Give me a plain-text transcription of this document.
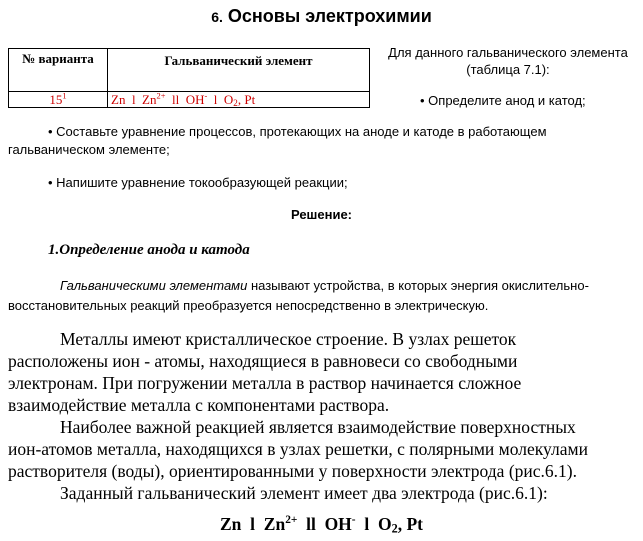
6. Основы электрохимии
№ варианта	Гальванический элемент
$15^1$	Zn  l  $Zn^{2+}$  ll  OH-  l  $O_2$, Pt
Для данного гальванического элемента (таблица 7.1):
• Определите анод и катод;
• Составьте уравнение процессов, протекающих на аноде и катоде в работающем
гальваническом элементе;
• Напишите уравнение токообразующей реакции;
Решение:
1.Определение анода и катода
Гальваническими элементами называют устройства, в которых энергия окислительно-
восстановительных реакций преобразуется непосредственно в электрическую.
Металлы имеют кристаллическое строение. В узлах решеток
расположены ион - атомы, находящиеся в равновеси со свободными
электронам. При погружении металла в раствор начинается сложное
взаимодействие металла с компонентами раствора.
Наиболее важной реакцией является взаимодействие поверхностных
ион-атомов металла, находящихся в узлах решетки, с полярными молекулами
растворителя (воды), ориентированными у поверхности электрода (рис.6.1).
Заданный гальванический элемент имеет два электрода (рис.6.1):
Zn  l  $Zn^{2+}$  ll  OH-  l  $O_2$, Pt
